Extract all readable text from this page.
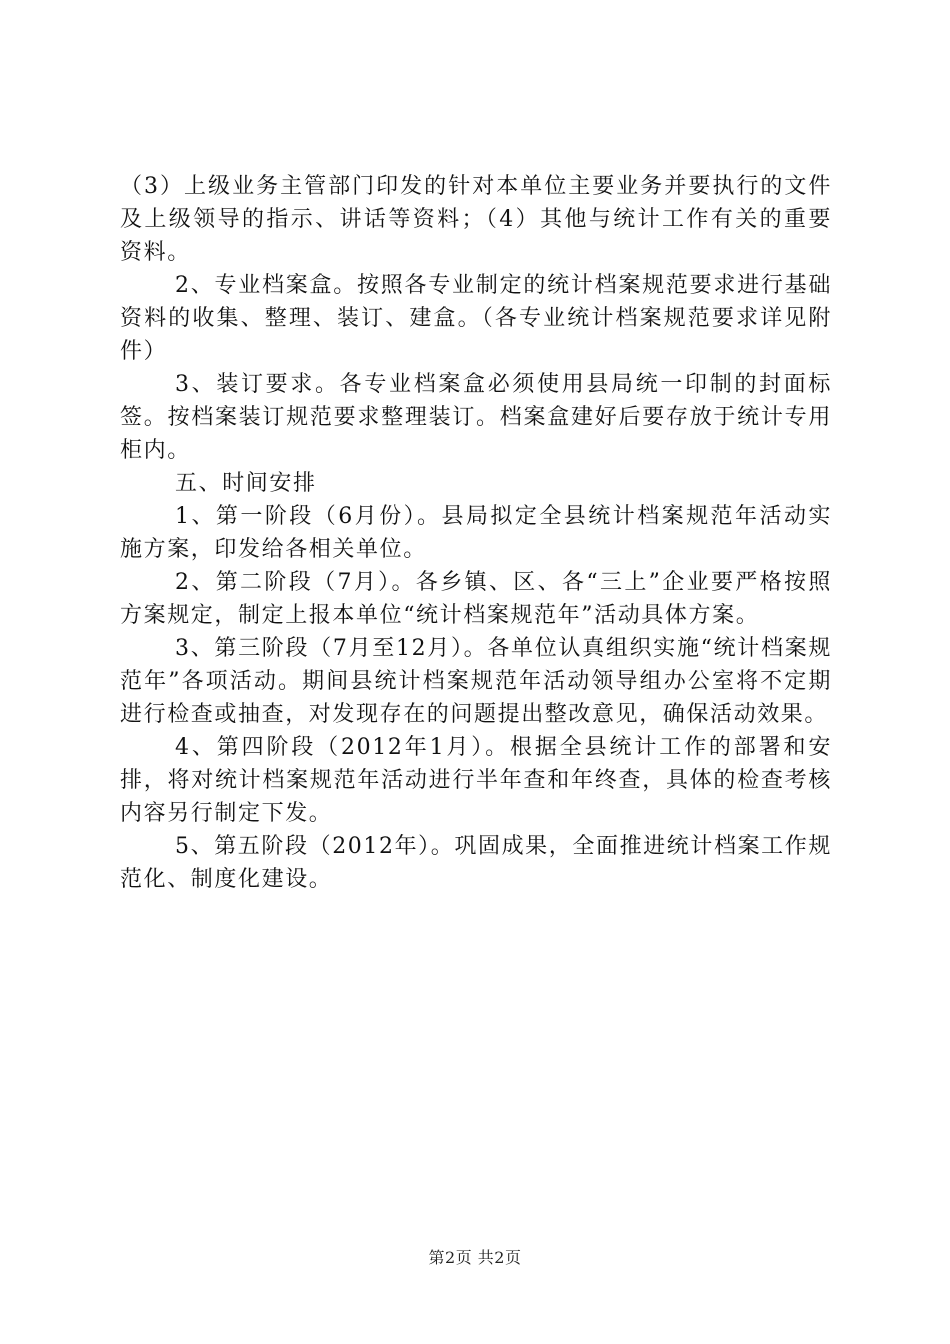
（3）上级业务主管部门印发的针对本单位主要业务并要执行的文件及上级领导的指示、讲话等资料；（4）其他与统计工作有关的重要资料。

2、专业档案盒。按照各专业制定的统计档案规范要求进行基础资料的收集、整理、装订、建盒。（各专业统计档案规范要求详见附件）

3、装订要求。各专业档案盒必须使用县局统一印制的封面标签。按档案装订规范要求整理装订。档案盒建好后要存放于统计专用柜内。

五、时间安排

1、第一阶段（6月份）。县局拟定全县统计档案规范年活动实施方案，印发给各相关单位。

2、第二阶段（7月）。各乡镇、区、各“三上”企业要严格按照方案规定，制定上报本单位“统计档案规范年”活动具体方案。

3、第三阶段（7月至12月）。各单位认真组织实施“统计档案规范年”各项活动。期间县统计档案规范年活动领导组办公室将不定期进行检查或抽查，对发现存在的问题提出整改意见，确保活动效果。

4、第四阶段（2012年1月）。根据全县统计工作的部署和安排，将对统计档案规范年活动进行半年查和年终查，具体的检查考核内容另行制定下发。

5、第五阶段（2012年）。巩固成果，全面推进统计档案工作规范化、制度化建设。

第2页 共2页
